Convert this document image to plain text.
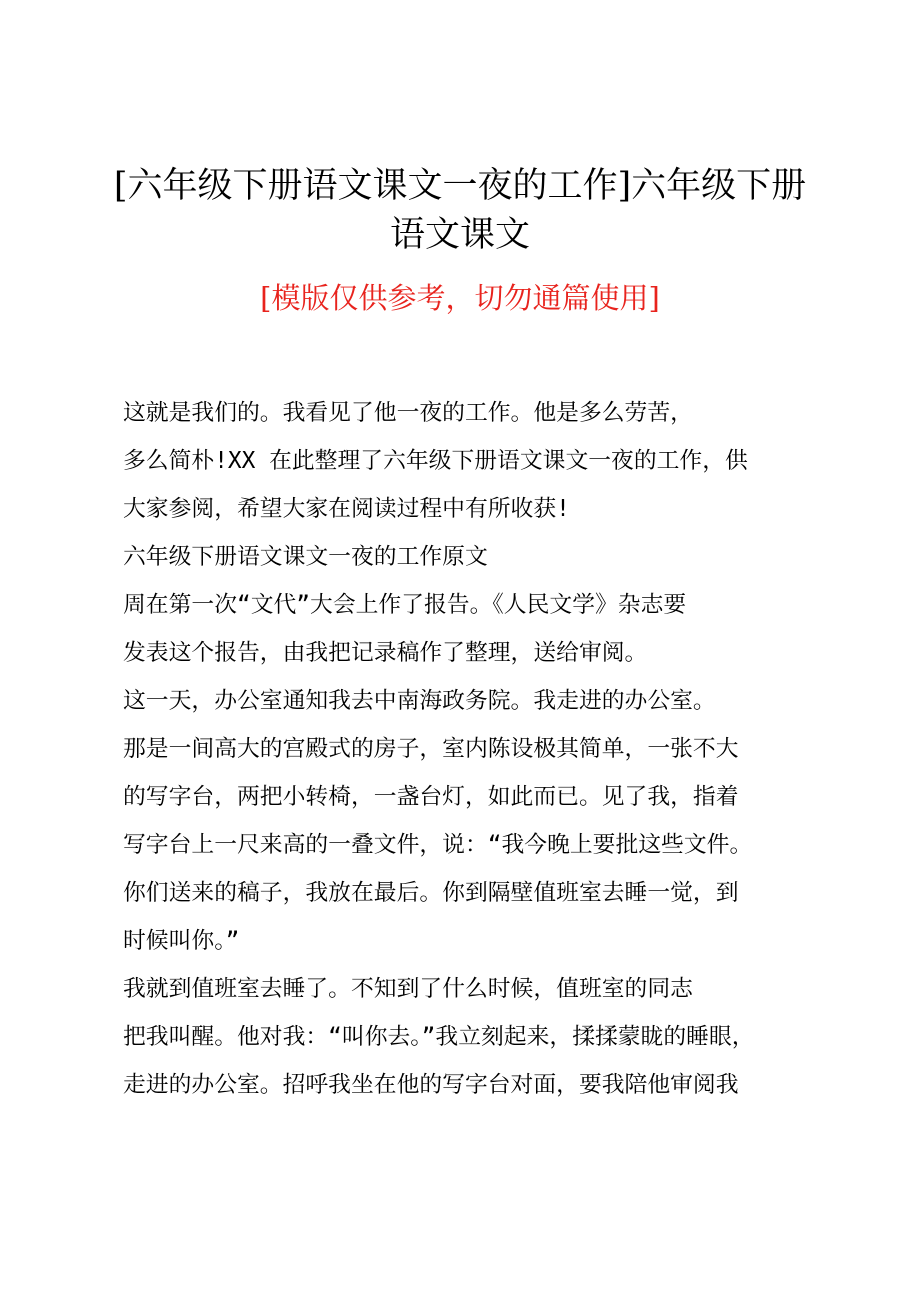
[六年级下册语文课文一夜的工作]六年级下册
语文课文
[模版仅供参考，切勿通篇使用]
这就是我们的。我看见了他一夜的工作。他是多么劳苦，
多么简朴!XX 在此整理了六年级下册语文课文一夜的工作，供
大家参阅，希望大家在阅读过程中有所收获!
六年级下册语文课文一夜的工作原文
周在第一次“文代”大会上作了报告。《人民文学》杂志要
发表这个报告，由我把记录稿作了整理，送给审阅。
这一天，办公室通知我去中南海政务院。我走进的办公室。
那是一间高大的宫殿式的房子，室内陈设极其简单，一张不大
的写字台，两把小转椅，一盏台灯，如此而已。见了我，指着
写字台上一尺来高的一叠文件，说：“我今晚上要批这些文件。
你们送来的稿子，我放在最后。你到隔壁值班室去睡一觉，到
时候叫你。”
我就到值班室去睡了。不知到了什么时候，值班室的同志
把我叫醒。他对我：“叫你去。”我立刻起来，揉揉蒙眬的睡眼，
走进的办公室。招呼我坐在他的写字台对面，要我陪他审阅我
